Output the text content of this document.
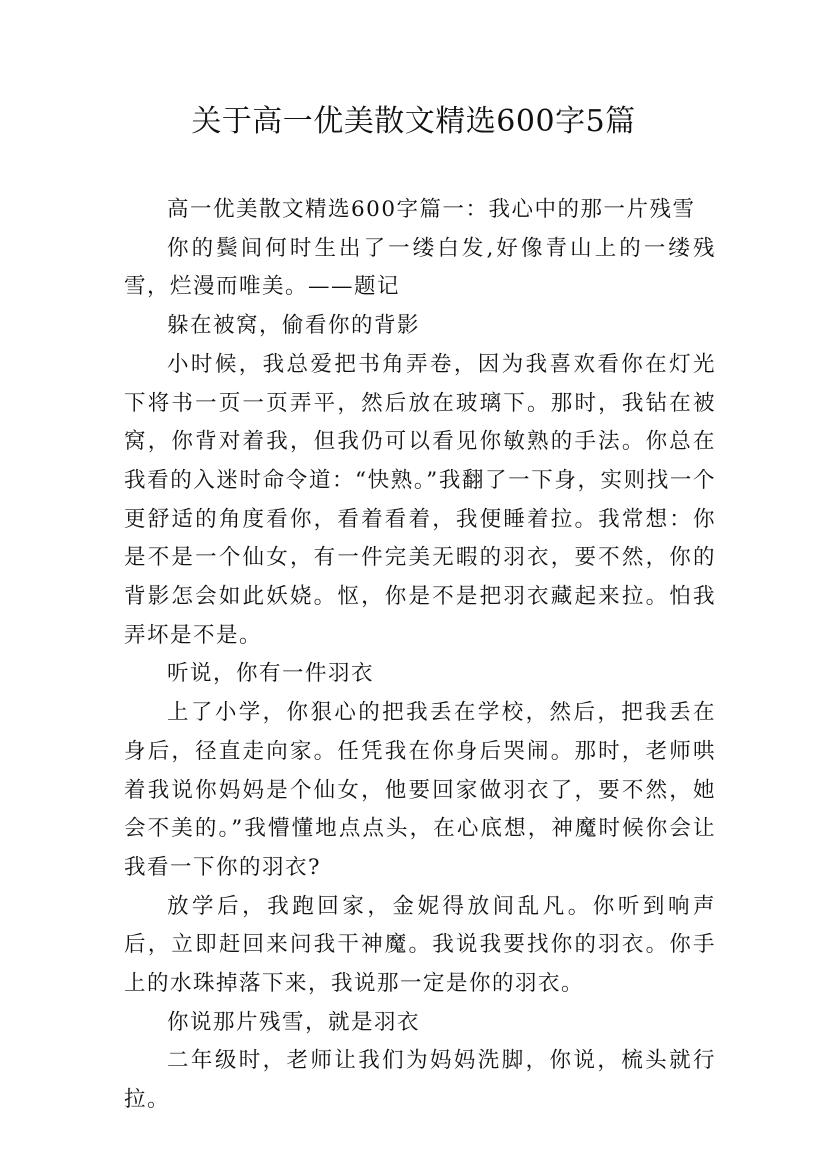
关于高一优美散文精选600字5篇

高一优美散文精选600字篇一：我心中的那一片残雪

你的鬓间何时生出了一缕白发,好像青山上的一缕残雪，烂漫而唯美。——题记

躲在被窝，偷看你的背影

小时候，我总爱把书角弄卷，因为我喜欢看你在灯光下将书一页一页弄平，然后放在玻璃下。那时，我钻在被窝，你背对着我，但我仍可以看见你敏熟的手法。你总在我看的入迷时命令道：“快熟。”我翻了一下身，实则找一个更舒适的角度看你，看着看着，我便睡着拉。我常想：你是不是一个仙女，有一件完美无暇的羽衣，要不然，你的背影怎会如此妖娆。怄，你是不是把羽衣藏起来拉。怕我弄坏是不是。

听说，你有一件羽衣

上了小学，你狠心的把我丢在学校，然后，把我丢在身后，径直走向家。任凭我在你身后哭闹。那时，老师哄着我说你妈妈是个仙女，他要回家做羽衣了，要不然，她会不美的。”我懵懂地点点头，在心底想，神魔时候你会让我看一下你的羽衣?

放学后，我跑回家，金妮得放间乱凡。你听到响声后，立即赶回来问我干神魔。我说我要找你的羽衣。你手上的水珠掉落下来，我说那一定是你的羽衣。

你说那片残雪，就是羽衣

二年级时，老师让我们为妈妈洗脚，你说，梳头就行拉。
